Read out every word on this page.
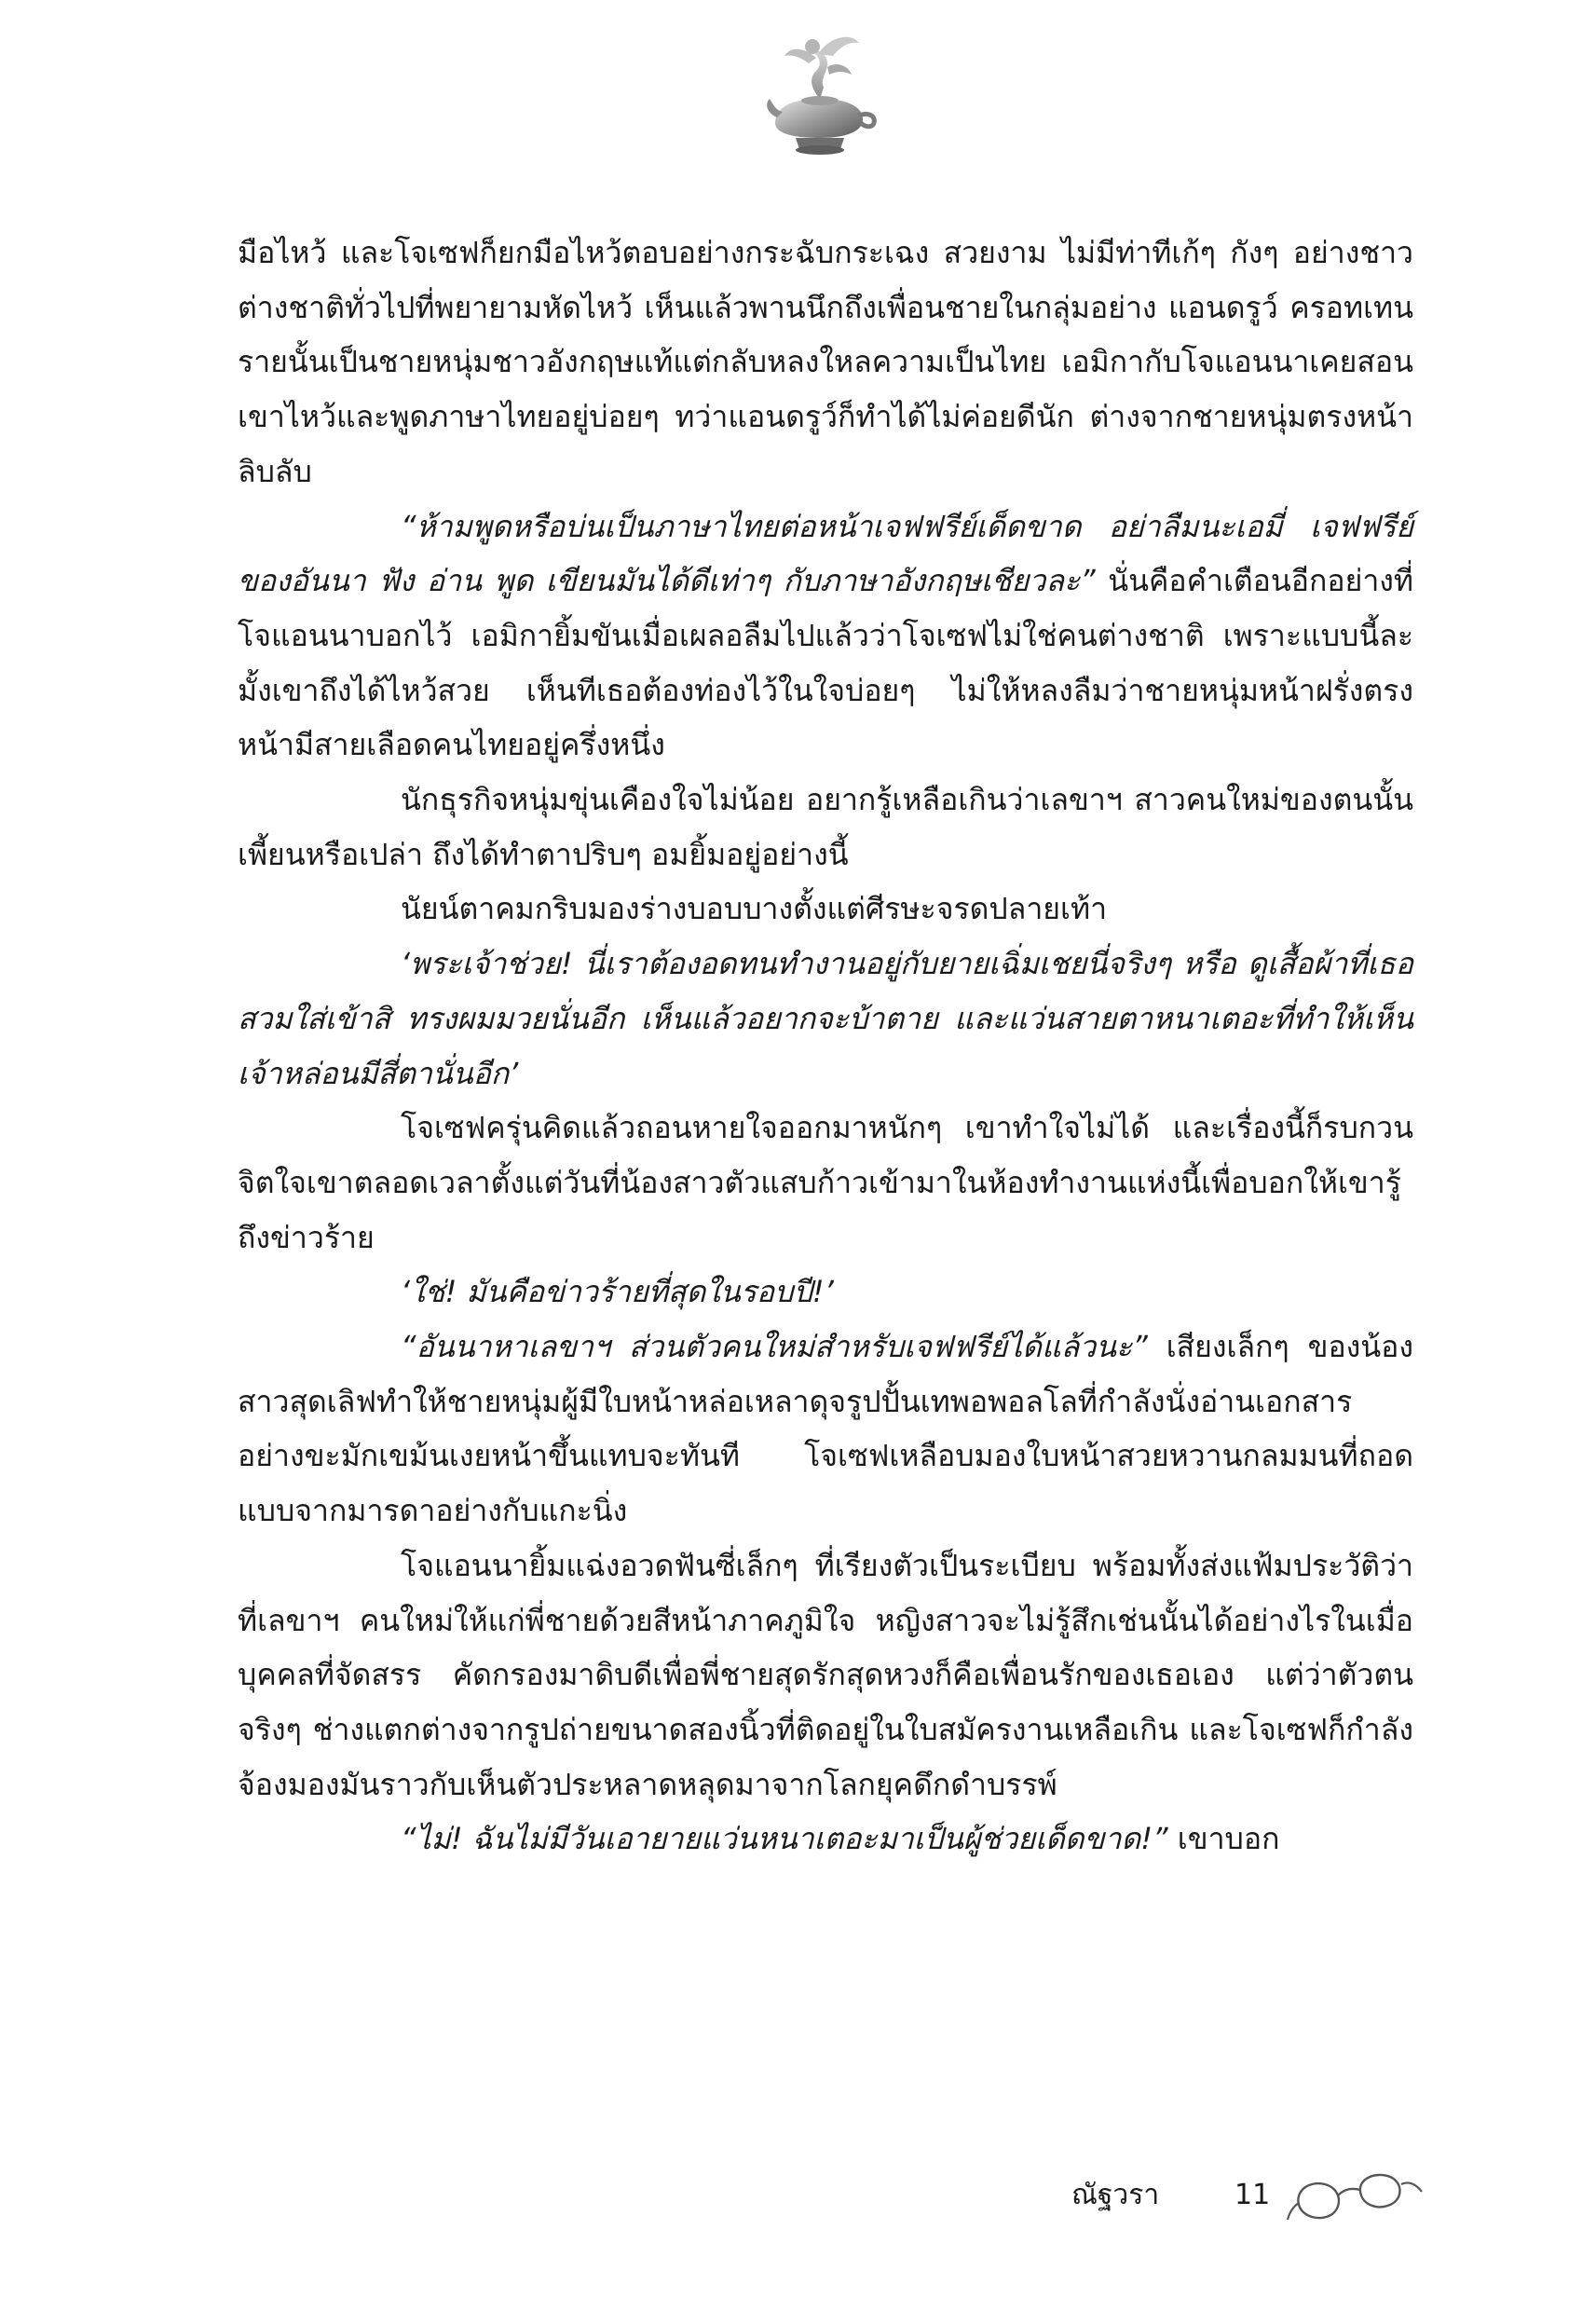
มือไหว้ และโจเซฟก็ยกมือไหว้ตอบอย่างกระฉับกระเฉง สวยงาม ไม่มีท่าทีเก้ๆ กังๆ อย่างชาวต่างชาติทั่วไปที่พยายามหัดไหว้ เห็นแล้วพานนึกถึงเพื่อนชายในกลุ่มอย่าง แอนดรูว์ ครอทเทน รายนั้นเป็นชายหนุ่มชาวอังกฤษแท้แต่กลับหลงใหลความเป็นไทย เอมิกากับโจแอนนาเคยสอนเขาไหว้และพูดภาษาไทยอยู่บ่อยๆ ทว่าแอนดรูว์ก็ทำได้ไม่ค่อยดีนัก ต่างจากชายหนุ่มตรงหน้าลิบลับ

“ห้ามพูดหรือบ่นเป็นภาษาไทยต่อหน้าเจฟฟรีย์เด็ดขาด อย่าลืมนะเอมี่ เจฟฟรีย์ของอันนา ฟัง อ่าน พูด เขียนมันได้ดีเท่าๆ กับภาษาอังกฤษเชียวละ” นั่นคือคำเตือนอีกอย่างที่โจแอนนาบอกไว้ เอมิกายิ้มขันเมื่อเผลอลืมไปแล้วว่าโจเซฟไม่ใช่คนต่างชาติ เพราะแบบนี้ละมั้งเขาถึงได้ไหว้สวย เห็นทีเธอต้องท่องไว้ในใจบ่อยๆ ไม่ให้หลงลืมว่าชายหนุ่มหน้าฝรั่งตรงหน้ามีสายเลือดคนไทยอยู่ครึ่งหนึ่ง

นักธุรกิจหนุ่มขุ่นเคืองใจไม่น้อย อยากรู้เหลือเกินว่าเลขาฯ สาวคนใหม่ของตนนั้นเพี้ยนหรือเปล่า ถึงได้ทำตาปริบๆ อมยิ้มอยู่อย่างนี้

นัยน์ตาคมกริบมองร่างบอบบางตั้งแต่ศีรษะจรดปลายเท้า

‘พระเจ้าช่วย! นี่เราต้องอดทนทำงานอยู่กับยายเฉิ่มเชยนี่จริงๆ หรือ ดูเสื้อผ้าที่เธอสวมใส่เข้าสิ ทรงผมมวยนั่นอีก เห็นแล้วอยากจะบ้าตาย และแว่นสายตาหนาเตอะที่ทำให้เห็นเจ้าหล่อนมีสี่ตานั่นอีก’

โจเซฟครุ่นคิดแล้วถอนหายใจออกมาหนักๆ เขาทำใจไม่ได้ และเรื่องนี้ก็รบกวนจิตใจเขาตลอดเวลาตั้งแต่วันที่น้องสาวตัวแสบก้าวเข้ามาในห้องทำงานแห่งนี้เพื่อบอกให้เขารู้ถึงข่าวร้าย

‘ใช่! มันคือข่าวร้ายที่สุดในรอบปี!’

“อันนาหาเลขาฯ ส่วนตัวคนใหม่สำหรับเจฟฟรีย์ได้แล้วนะ” เสียงเล็กๆ ของน้องสาวสุดเลิฟทำให้ชายหนุ่มผู้มีใบหน้าหล่อเหลาดุจรูปปั้นเทพอพอลโลที่กำลังนั่งอ่านเอกสารอย่างขะมักเขม้นเงยหน้าขึ้นแทบจะทันที โจเซฟเหลือบมองใบหน้าสวยหวานกลมมนที่ถอดแบบจากมารดาอย่างกับแกะนิ่ง

โจแอนนายิ้มแฉ่งอวดฟันซี่เล็กๆ ที่เรียงตัวเป็นระเบียบ พร้อมทั้งส่งแฟ้มประวัติว่าที่เลขาฯ คนใหม่ให้แก่พี่ชายด้วยสีหน้าภาคภูมิใจ หญิงสาวจะไม่รู้สึกเช่นนั้นได้อย่างไรในเมื่อบุคคลที่จัดสรร คัดกรองมาดิบดีเพื่อพี่ชายสุดรักสุดหวงก็คือเพื่อนรักของเธอเอง แต่ว่าตัวตนจริงๆ ช่างแตกต่างจากรูปถ่ายขนาดสองนิ้วที่ติดอยู่ในใบสมัครงานเหลือเกิน และโจเซฟก็กำลังจ้องมองมันราวกับเห็นตัวประหลาดหลุดมาจากโลกยุคดึกดำบรรพ์

“ไม่! ฉันไม่มีวันเอายายแว่นหนาเตอะมาเป็นผู้ช่วยเด็ดขาด!” เขาบอก

ณัฐวรา	11
